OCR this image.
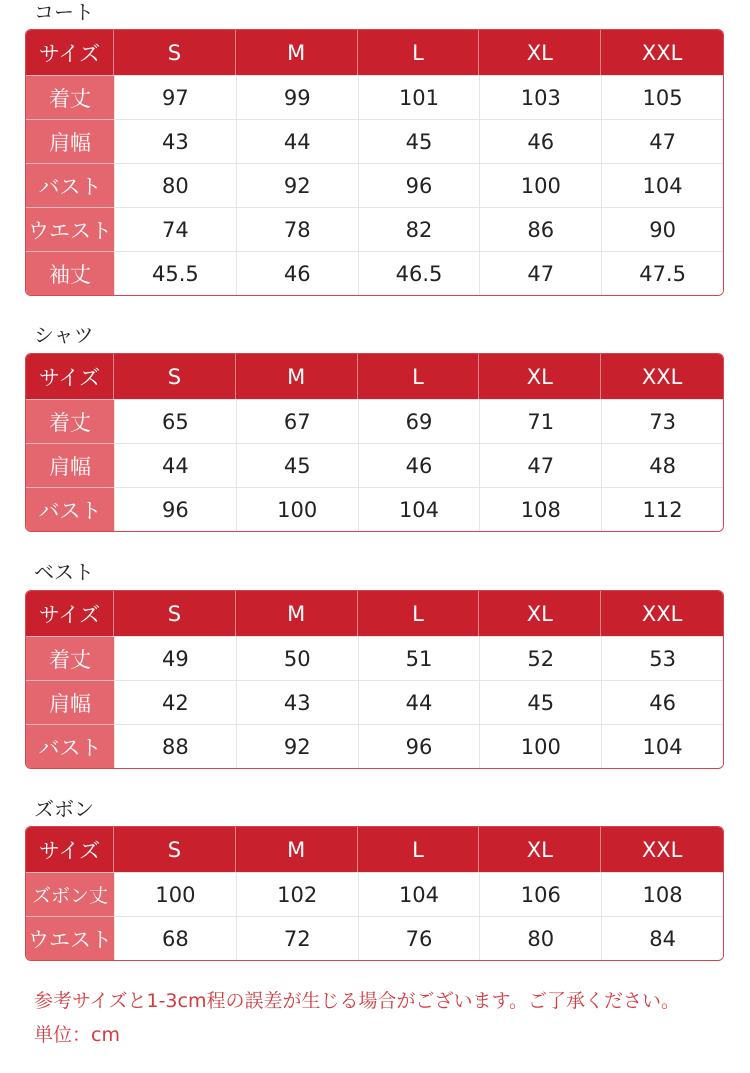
コート
サイズ	S	M	L	XL	XXL
着丈	97	99	101	103	105
肩幅	43	44	45	46	47
バスト	80	92	96	100	104
ウエスト	74	78	82	86	90
袖丈	45.5	46	46.5	47	47.5
シャツ
サイズ	S	M	L	XL	XXL
着丈	65	67	69	71	73
肩幅	44	45	46	47	48
バスト	96	100	104	108	112
ベスト
サイズ	S	M	L	XL	XXL
着丈	49	50	51	52	53
肩幅	42	43	44	45	46
バスト	88	92	96	100	104
ズボン
サイズ	S	M	L	XL	XXL
ズボン丈	100	102	104	106	108
ウエスト	68	72	76	80	84
参考サイズと1-3cm程の誤差が生じる場合がございます。ご了承ください。
単位：cm
